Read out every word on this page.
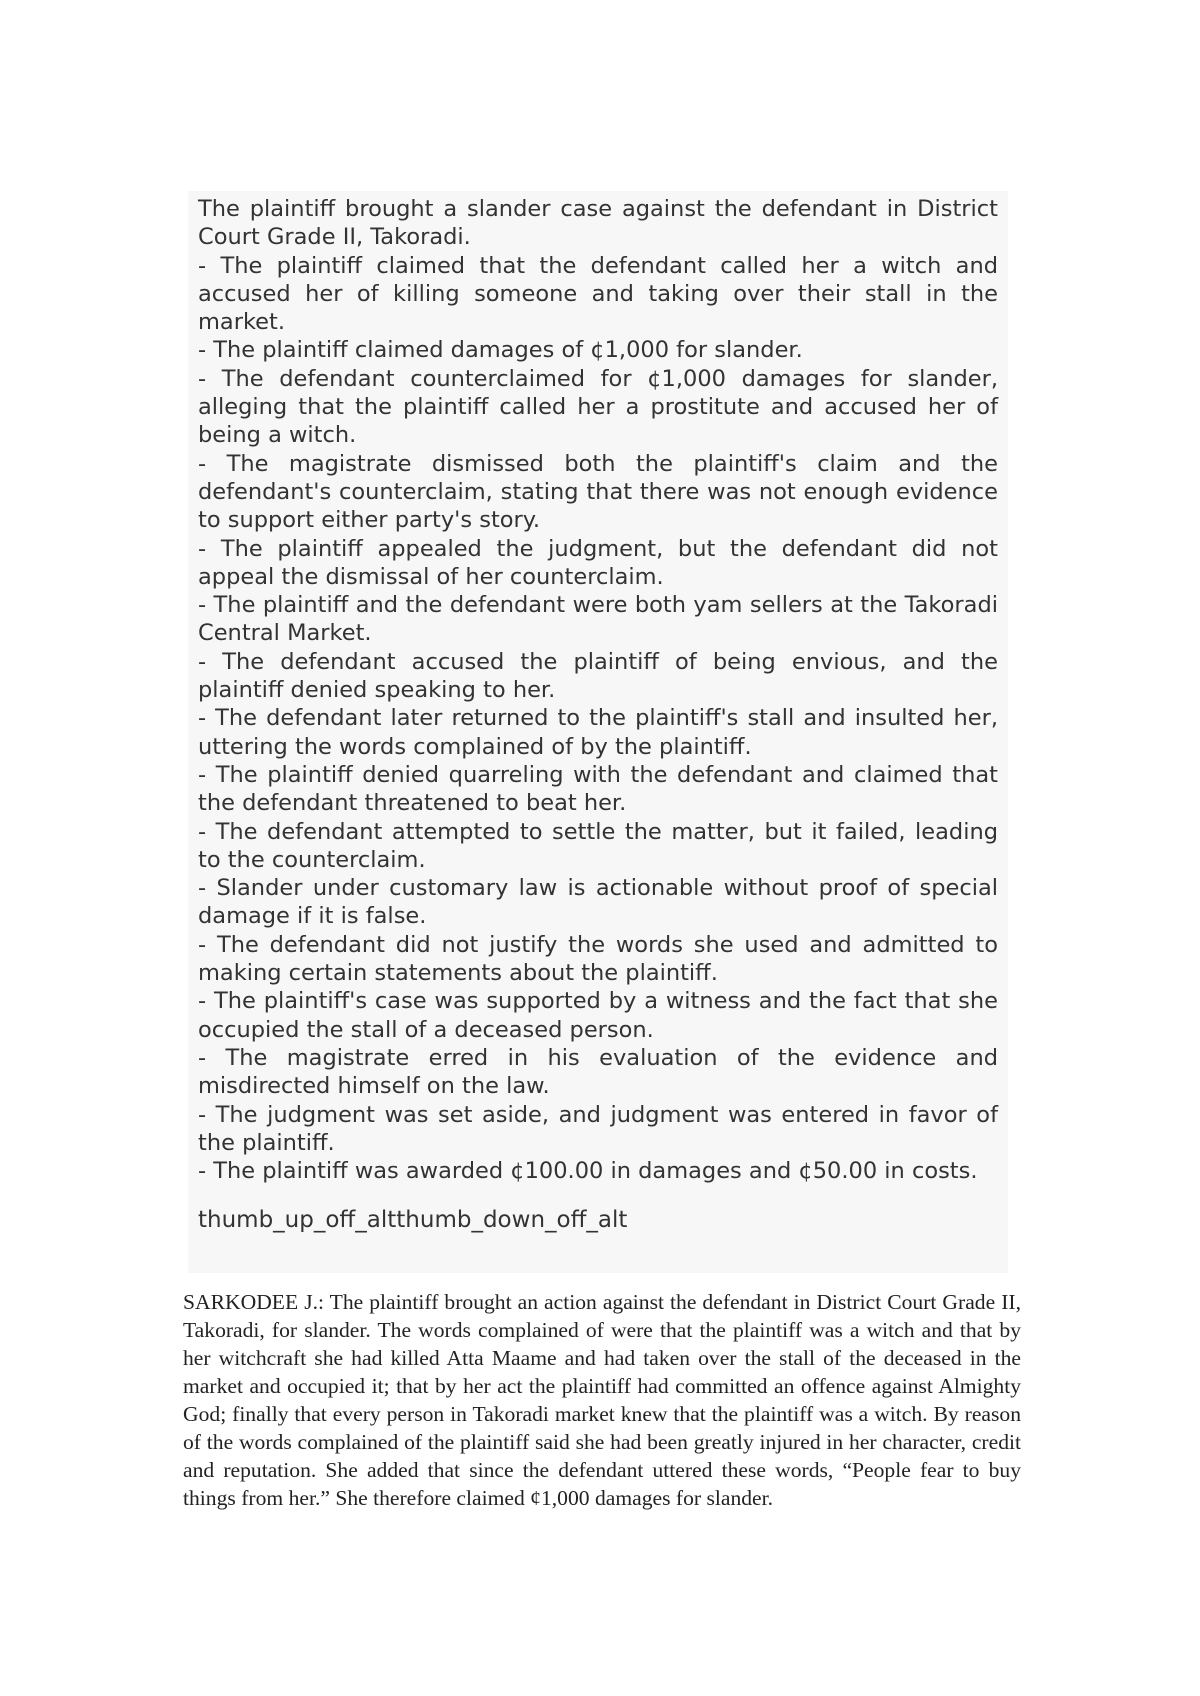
The plaintiff brought a slander case against the defendant in District Court Grade II, Takoradi.
- The plaintiff claimed that the defendant called her a witch and accused her of killing someone and taking over their stall in the market.
- The plaintiff claimed damages of ¢1,000 for slander.
- The defendant counterclaimed for ¢1,000 damages for slander, alleging that the plaintiff called her a prostitute and accused her of being a witch.
- The magistrate dismissed both the plaintiff's claim and the defendant's counterclaim, stating that there was not enough evidence to support either party's story.
- The plaintiff appealed the judgment, but the defendant did not appeal the dismissal of her counterclaim.
- The plaintiff and the defendant were both yam sellers at the Takoradi Central Market.
- The defendant accused the plaintiff of being envious, and the plaintiff denied speaking to her.
- The defendant later returned to the plaintiff's stall and insulted her, uttering the words complained of by the plaintiff.
- The plaintiff denied quarreling with the defendant and claimed that the defendant threatened to beat her.
- The defendant attempted to settle the matter, but it failed, leading to the counterclaim.
- Slander under customary law is actionable without proof of special damage if it is false.
- The defendant did not justify the words she used and admitted to making certain statements about the plaintiff.
- The plaintiff's case was supported by a witness and the fact that she occupied the stall of a deceased person.
- The magistrate erred in his evaluation of the evidence and misdirected himself on the law.
- The judgment was set aside, and judgment was entered in favor of the plaintiff.
- The plaintiff was awarded ¢100.00 in damages and ¢50.00 in costs.
thumb_up_off_altthumb_down_off_alt

SARKODEE J.: The plaintiff brought an action against the defendant in District Court Grade II, Takoradi, for slander. The words complained of were that the plaintiff was a witch and that by her witchcraft she had killed Atta Maame and had taken over the stall of the deceased in the market and occupied it; that by her act the plaintiff had committed an offence against Almighty God; finally that every person in Takoradi market knew that the plaintiff was a witch. By reason of the words complained of the plaintiff said she had been greatly injured in her character, credit and reputation. She added that since the defendant uttered these words, “People fear to buy things from her.” She therefore claimed ¢1,000 damages for slander.
